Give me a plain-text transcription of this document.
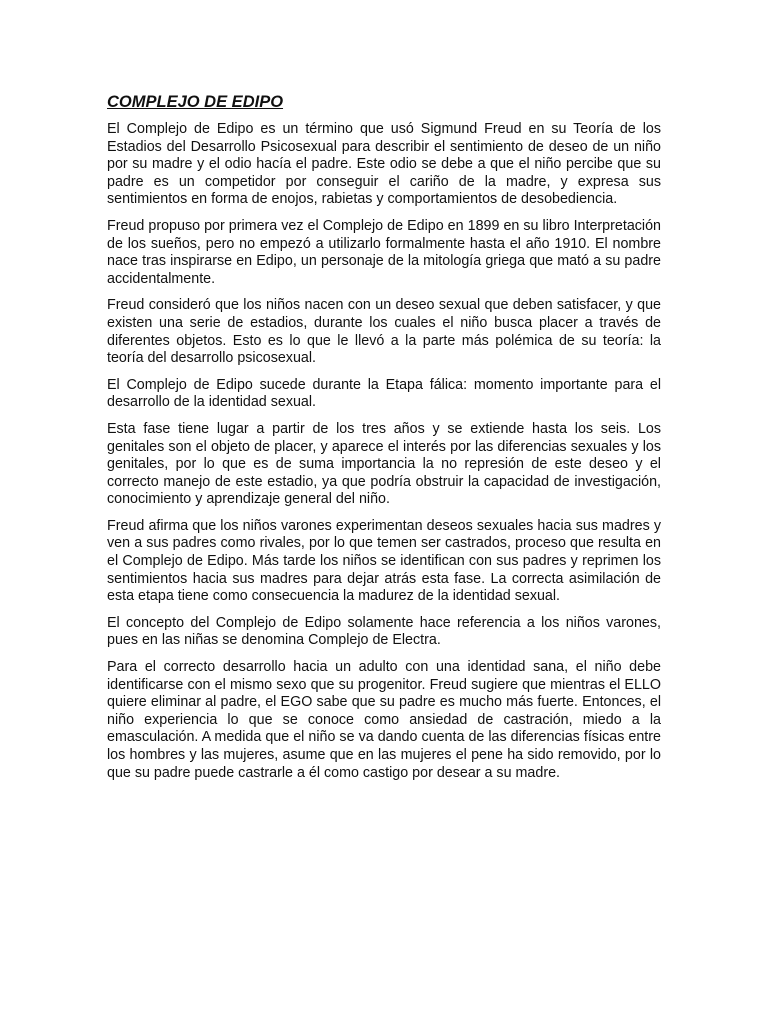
COMPLEJO DE EDIPO

El Complejo de Edipo es un término que usó Sigmund Freud en su Teoría de los Estadios del Desarrollo Psicosexual para describir el sentimiento de deseo de un niño por su madre y el odio hacía el padre. Este odio se debe a que el niño percibe que su padre es un competidor por conseguir el cariño de la madre, y expresa sus sentimientos en forma de enojos, rabietas y comportamientos de desobediencia.

Freud propuso por primera vez el Complejo de Edipo en 1899 en su libro Interpretación de los sueños, pero no empezó a utilizarlo formalmente hasta el año 1910. El nombre nace tras inspirarse en Edipo, un personaje de la mitología griega que mató a su padre accidentalmente.

Freud consideró que los niños nacen con un deseo sexual que deben satisfacer, y que existen una serie de estadios, durante los cuales el niño busca placer a través de diferentes objetos. Esto es lo que le llevó a la parte más polémica de su teoría: la teoría del desarrollo psicosexual.

El Complejo de Edipo sucede durante la Etapa fálica: momento importante para el desarrollo de la identidad sexual.

Esta fase tiene lugar a partir de los tres años y se extiende hasta los seis. Los genitales son el objeto de placer, y aparece el interés por las diferencias sexuales y los genitales, por lo que es de suma importancia la no represión de este deseo y el correcto manejo de este estadio, ya que podría obstruir la capacidad de investigación, conocimiento y aprendizaje general del niño.

Freud afirma que los niños varones experimentan deseos sexuales hacia sus madres y ven a sus padres como rivales, por lo que temen ser castrados, proceso que resulta en el Complejo de Edipo. Más tarde los niños se identifican con sus padres y reprimen los sentimientos hacia sus madres para dejar atrás esta fase. La correcta asimilación de esta etapa tiene como consecuencia la madurez de la identidad sexual.

El concepto del Complejo de Edipo solamente hace referencia a los niños varones, pues en las niñas se denomina Complejo de Electra.

Para el correcto desarrollo hacia un adulto con una identidad sana, el niño debe identificarse con el mismo sexo que su progenitor. Freud sugiere que mientras el ELLO quiere eliminar al padre, el EGO sabe que su padre es mucho más fuerte. Entonces, el niño experiencia lo que se conoce como ansiedad de castración, miedo a la emasculación. A medida que el niño se va dando cuenta de las diferencias físicas entre los hombres y las mujeres, asume que en las mujeres el pene ha sido removido, por lo que su padre puede castrarle a él como castigo por desear a su madre.
